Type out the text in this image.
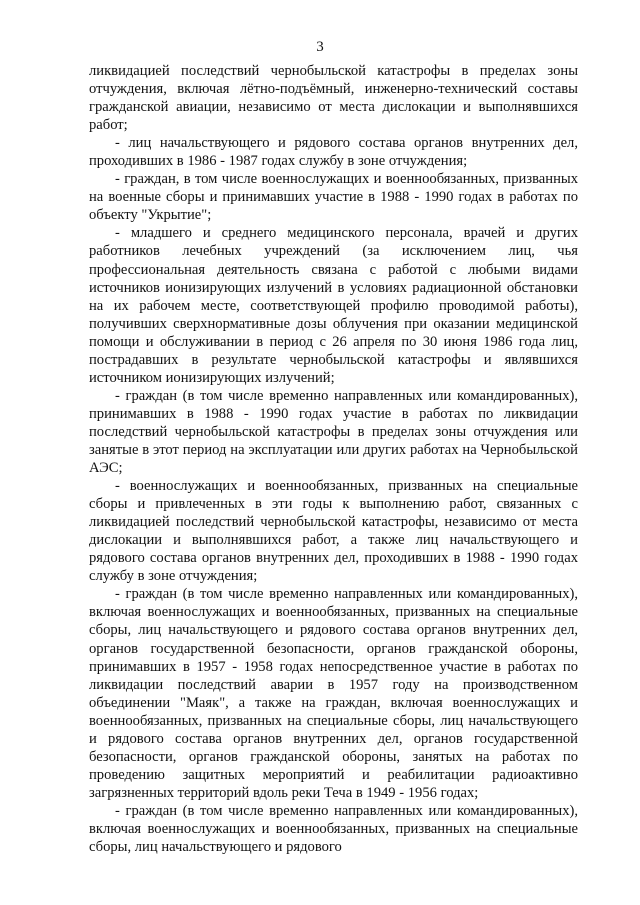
3

ликвидацией последствий чернобыльской катастрофы в пределах зоны отчуждения, включая лётно-подъёмный, инженерно-технический составы гражданской авиации, независимо от места дислокации и выполнявшихся работ;

- лиц начальствующего и рядового состава органов внутренних дел, проходивших в 1986 - 1987 годах службу в зоне отчуждения;

- граждан, в том числе военнослужащих и военнообязанных, призванных на военные сборы и принимавших участие в 1988 - 1990 годах в работах по объекту "Укрытие";

- младшего и среднего медицинского персонала, врачей и других работников лечебных учреждений (за исключением лиц, чья профессиональная деятельность связана с работой с любыми видами источников ионизирующих излучений в условиях радиационной обстановки на их рабочем месте, соответствующей профилю проводимой работы), получивших сверхнормативные дозы облучения при оказании медицинской помощи и обслуживании в период с 26 апреля по 30 июня 1986 года лиц, пострадавших в результате чернобыльской катастрофы и являвшихся источником ионизирующих излучений;

- граждан (в том числе временно направленных или командированных), принимавших в 1988 - 1990 годах участие в работах по ликвидации последствий чернобыльской катастрофы в пределах зоны отчуждения или занятые в этот период на эксплуатации или других работах на Чернобыльской АЭС;

- военнослужащих и военнообязанных, призванных на специальные сборы и привлеченных в эти годы к выполнению работ, связанных с ликвидацией последствий чернобыльской катастрофы, независимо от места дислокации и выполнявшихся работ, а также лиц начальствующего и рядового состава органов внутренних дел, проходивших в 1988 - 1990 годах службу в зоне отчуждения;

- граждан (в том числе временно направленных или командированных), включая военнослужащих и военнообязанных, призванных на специальные сборы, лиц начальствующего и рядового состава органов внутренних дел, органов государственной безопасности, органов гражданской обороны, принимавших в 1957 - 1958 годах непосредственное участие в работах по ликвидации последствий аварии в 1957 году на производственном объединении "Маяк", а также на граждан, включая военнослужащих и военнообязанных, призванных на специальные сборы, лиц начальствующего и рядового состава органов внутренних дел, органов государственной безопасности, органов гражданской обороны, занятых на работах по проведению защитных мероприятий и реабилитации радиоактивно загрязненных территорий вдоль реки Теча в 1949 - 1956 годах;

- граждан (в том числе временно направленных или командированных), включая военнослужащих и военнообязанных, призванных на специальные сборы, лиц начальствующего и рядового
